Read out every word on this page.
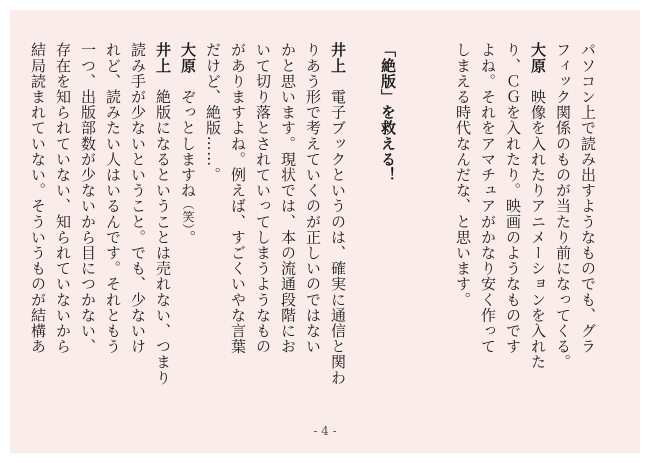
パソコン上で読み出すようなものでも、グラ
フィック関係のものが当たり前になってくる。
大原　映像を入れたりアニメーションを入れた
り、ＣＧを入れたり。映画のようなものです
よね。それをアマチュアがかなり安く作って
しまえる時代なんだな、と思います。
「絶版」を救える！
井上　電子ブックというのは、確実に通信と関わ
りあう形で考えていくのが正しいのではない
かと思います。現状では、本の流通段階にお
いて切り落とされていってしまうようなもの
がありますよね。例えば、すごくいやな言葉
だけど、絶版……。
大原　ぞっとしますね（笑）。
井上　絶版になるということは売れない、つまり
読み手が少ないということ。でも、少ないけ
れど、読みたい人はいるんです。それともう
一つ、出版部数が少ないから目につかない、
存在を知られていない、知られていないから
結局読まれていない。そういうものが結構あ
- 4 -
